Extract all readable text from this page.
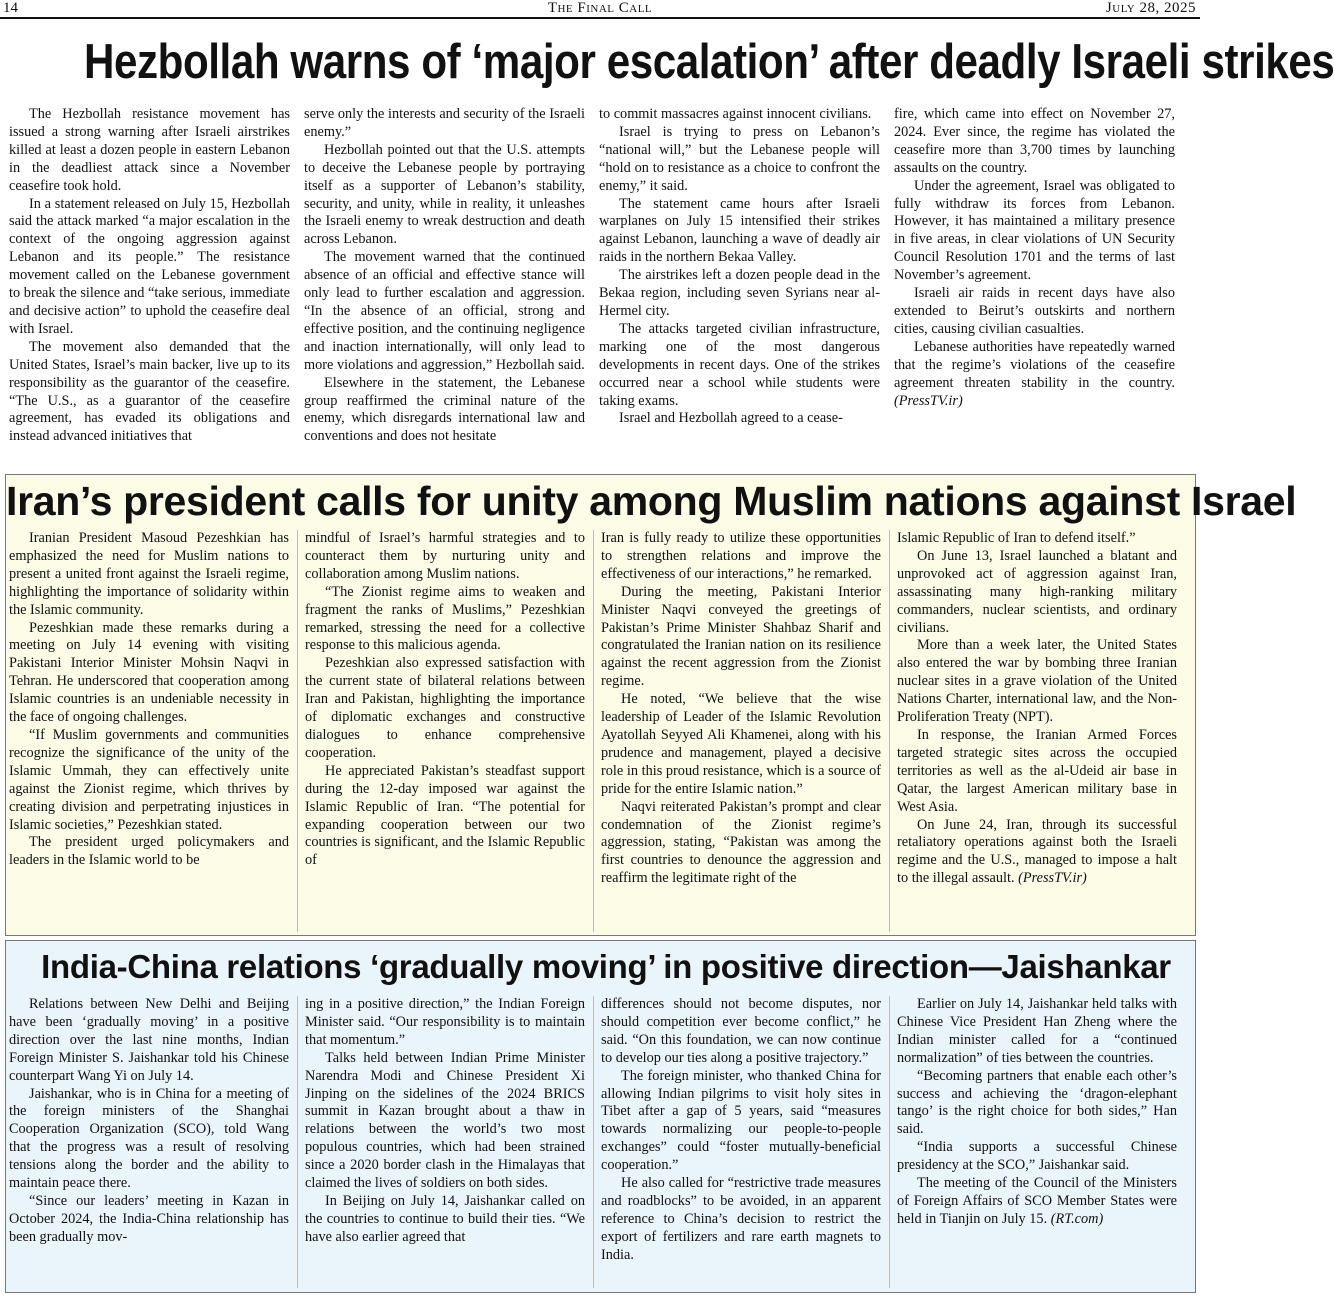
14	The Final Call	July 28, 2025
Hezbollah warns of ‘major escalation’ after deadly Israeli strikes

The Hezbollah resistance movement has issued a strong warning after Israeli airstrikes killed at least a dozen people in eastern Lebanon in the deadliest attack since a November ceasefire took hold.

In a statement released on July 15, Hezbollah said the attack marked “a major escalation in the context of the ongoing aggression against Lebanon and its people.” The resistance movement called on the Lebanese government to break the silence and “take serious, immediate and decisive action” to uphold the ceasefire deal with Israel.

The movement also demanded that the United States, Israel’s main backer, live up to its responsibility as the guarantor of the ceasefire. “The U.S., as a guarantor of the ceasefire agreement, has evaded its obligations and instead advanced initiatives that

serve only the interests and security of the Israeli enemy.”

Hezbollah pointed out that the U.S. attempts to deceive the Lebanese people by portraying itself as a supporter of Lebanon’s stability, security, and unity, while in reality, it unleashes the Israeli enemy to wreak destruction and death across Lebanon.

The movement warned that the continued absence of an official and effective stance will only lead to further escalation and aggression. “In the absence of an official, strong and effective position, and the continuing negligence and inaction internationally, will only lead to more violations and aggression,” Hezbollah said.

Elsewhere in the statement, the Lebanese group reaffirmed the criminal nature of the enemy, which disregards international law and conventions and does not hesitate

to commit massacres against innocent civilians.

Israel is trying to press on Lebanon’s “national will,” but the Lebanese people will “hold on to resistance as a choice to confront the enemy,” it said.

The statement came hours after Israeli warplanes on July 15 intensified their strikes against Lebanon, launching a wave of deadly air raids in the northern Bekaa Valley.

The airstrikes left a dozen people dead in the Bekaa region, including seven Syrians near al-Hermel city.

The attacks targeted civilian infrastructure, marking one of the most dangerous developments in recent days. One of the strikes occurred near a school while students were taking exams.

Israel and Hezbollah agreed to a cease-

fire, which came into effect on November 27, 2024. Ever since, the regime has violated the ceasefire more than 3,700 times by launching assaults on the country.

Under the agreement, Israel was obligated to fully withdraw its forces from Lebanon. However, it has maintained a military presence in five areas, in clear violations of UN Security Council Resolution 1701 and the terms of last November’s agreement.

Israeli air raids in recent days have also extended to Beirut’s outskirts and northern cities, causing civilian casualties.

Lebanese authorities have repeatedly warned that the regime’s violations of the ceasefire agreement threaten stability in the country. (PressTV.ir)

Iran’s president calls for unity among Muslim nations against Israel

Iranian President Masoud Pezeshkian has emphasized the need for Muslim nations to present a united front against the Israeli regime, highlighting the importance of solidarity within the Islamic community.

Pezeshkian made these remarks during a meeting on July 14 evening with visiting Pakistani Interior Minister Mohsin Naqvi in Tehran. He underscored that cooperation among Islamic countries is an undeniable necessity in the face of ongoing challenges.

“If Muslim governments and communities recognize the significance of the unity of the Islamic Ummah, they can effectively unite against the Zionist regime, which thrives by creating division and perpetrating injustices in Islamic societies,” Pezeshkian stated.

The president urged policymakers and leaders in the Islamic world to be

mindful of Israel’s harmful strategies and to counteract them by nurturing unity and collaboration among Muslim nations.

“The Zionist regime aims to weaken and fragment the ranks of Muslims,” Pezeshkian remarked, stressing the need for a collective response to this malicious agenda.

Pezeshkian also expressed satisfaction with the current state of bilateral relations between Iran and Pakistan, highlighting the importance of diplomatic exchanges and constructive dialogues to enhance comprehensive cooperation.

He appreciated Pakistan’s steadfast support during the 12-day imposed war against the Islamic Republic of Iran. “The potential for expanding cooperation between our two countries is significant, and the Islamic Republic of

Iran is fully ready to utilize these opportunities to strengthen relations and improve the effectiveness of our interactions,” he remarked.

During the meeting, Pakistani Interior Minister Naqvi conveyed the greetings of Pakistan’s Prime Minister Shahbaz Sharif and congratulated the Iranian nation on its resilience against the recent aggression from the Zionist regime.

He noted, “We believe that the wise leadership of Leader of the Islamic Revolution Ayatollah Seyyed Ali Khamenei, along with his prudence and management, played a decisive role in this proud resistance, which is a source of pride for the entire Islamic nation.”

Naqvi reiterated Pakistan’s prompt and clear condemnation of the Zionist regime’s aggression, stating, “Pakistan was among the first countries to denounce the aggression and reaffirm the legitimate right of the

Islamic Republic of Iran to defend itself.”

On June 13, Israel launched a blatant and unprovoked act of aggression against Iran, assassinating many high-ranking military commanders, nuclear scientists, and ordinary civilians.

More than a week later, the United States also entered the war by bombing three Iranian nuclear sites in a grave violation of the United Nations Charter, international law, and the Non-Proliferation Treaty (NPT).

In response, the Iranian Armed Forces targeted strategic sites across the occupied territories as well as the al-Udeid air base in Qatar, the largest American military base in West Asia.

On June 24, Iran, through its successful retaliatory operations against both the Israeli regime and the U.S., managed to impose a halt to the illegal assault. (PressTV.ir)

India-China relations ‘gradually moving’ in positive direction—Jaishankar

Relations between New Delhi and Beijing have been ‘gradually moving’ in a positive direction over the last nine months, Indian Foreign Minister S. Jaishankar told his Chinese counterpart Wang Yi on July 14.

Jaishankar, who is in China for a meeting of the foreign ministers of the Shanghai Cooperation Organization (SCO), told Wang that the progress was a result of resolving tensions along the border and the ability to maintain peace there.

“Since our leaders’ meeting in Kazan in October 2024, the India-China relationship has been gradually mov-

ing in a positive direction,” the Indian Foreign Minister said. “Our responsibility is to maintain that momentum.”

Talks held between Indian Prime Minister Narendra Modi and Chinese President Xi Jinping on the sidelines of the 2024 BRICS summit in Kazan brought about a thaw in relations between the world’s two most populous countries, which had been strained since a 2020 border clash in the Himalayas that claimed the lives of soldiers on both sides.

In Beijing on July 14, Jaishankar called on the countries to continue to build their ties. “We have also earlier agreed that

differences should not become disputes, nor should competition ever become conflict,” he said. “On this foundation, we can now continue to develop our ties along a positive trajectory.”

The foreign minister, who thanked China for allowing Indian pilgrims to visit holy sites in Tibet after a gap of 5 years, said “measures towards normalizing our people-to-people exchanges” could “foster mutually-beneficial cooperation.”

He also called for “restrictive trade measures and roadblocks” to be avoided, in an apparent reference to China’s decision to restrict the export of fertilizers and rare earth magnets to India.

Earlier on July 14, Jaishankar held talks with Chinese Vice President Han Zheng where the Indian minister called for a “continued normalization” of ties between the countries.

“Becoming partners that enable each other’s success and achieving the ‘dragon-elephant tango’ is the right choice for both sides,” Han said.

“India supports a successful Chinese presidency at the SCO,” Jaishankar said.

The meeting of the Council of the Ministers of Foreign Affairs of SCO Member States were held in Tianjin on July 15. (RT.com)
